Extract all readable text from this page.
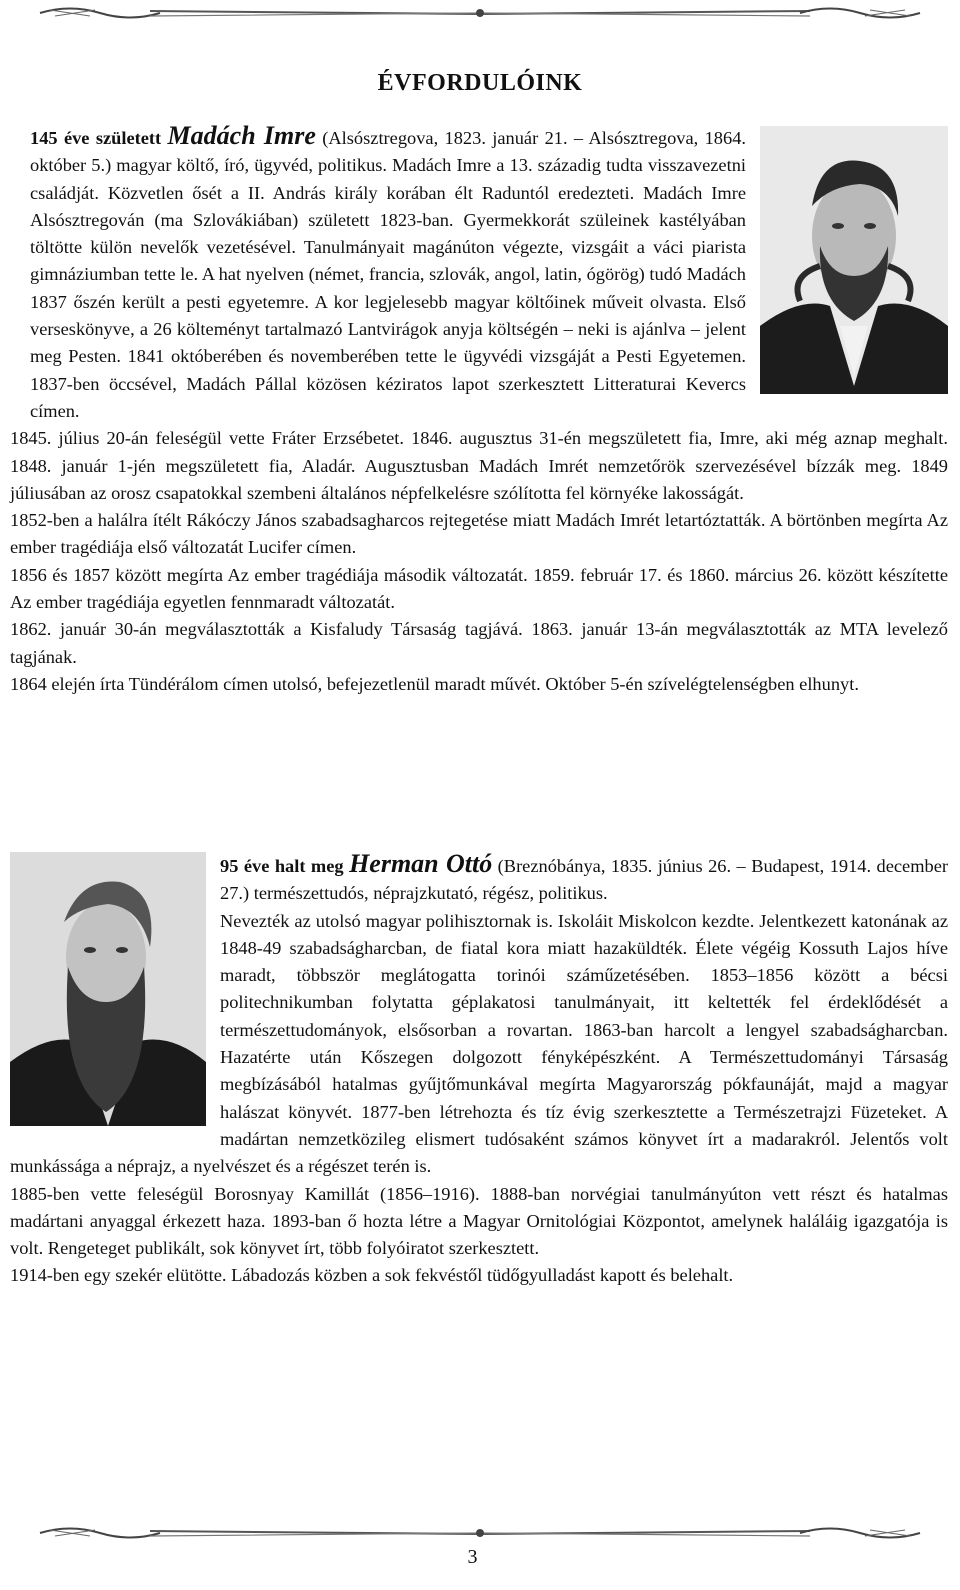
ÉVFORDULÓINK

145 éve született Madách Imre (Alsósztregova, 1823. január 21. – Alsósztregova, 1864. október 5.) magyar költő, író, ügyvéd, politikus. Madách Imre a 13. századig tudta visszavezetni családját. Közvetlen ősét a II. András király korában élt Raduntól eredezteti. Madách Imre Alsósztregován (ma Szlovákiában) született 1823-ban. Gyermekkorát szüleinek kastélyában töltötte külön nevelők vezetésével. Tanulmányait magánúton végezte, vizsgáit a váci piarista gimnáziumban tette le. A hat nyelven (német, francia, szlovák, angol, latin, ógörög) tudó Madách 1837 őszén került a pesti egyetemre. A kor legjelesebb magyar költőinek műveit olvasta. Első verseskönyve, a 26 költeményt tartalmazó Lantvirágok anyja költségén – neki is ajánlva – jelent meg Pesten. 1841 októberében és novemberében tette le ügyvédi vizsgáját a Pesti Egyetemen. 1837-ben öccsével, Madách Pállal közösen kéziratos lapot szerkesztett Litteraturai Kevercs címen.

1845. július 20-án feleségül vette Fráter Erzsébetet. 1846. augusztus 31-én megszületett fia, Imre, aki még aznap meghalt. 1848. január 1-jén megszületett fia, Aladár. Augusztusban Madách Imrét nemzetőrök szervezésével bízzák meg. 1849 júliusában az orosz csapatokkal szembeni általános népfelkelésre szólította fel környéke lakosságát.

1852-ben a halálra ítélt Rákóczy János szabadsagharcos rejtegetése miatt Madách Imrét letartóztatták. A börtönben megírta Az ember tragédiája első változatát Lucifer címen.

1856 és 1857 között megírta Az ember tragédiája második változatát. 1859. február 17. és 1860. március 26. között készítette Az ember tragédiája egyetlen fennmaradt változatát.

1862. január 30-án megválasztották a Kisfaludy Társaság tagjává. 1863. január 13-án megválasztották az MTA levelező tagjának.

1864 elején írta Tündérálom címen utolsó, befejezetlenül maradt művét. Október 5-én szívelégtelenségben elhunyt.

95 éve halt meg Herman Ottó (Breznóbánya, 1835. június 26. – Budapest, 1914. december 27.) természettudós, néprajzkutató, régész, politikus.

Nevezték az utolsó magyar polihisztornak is. Iskoláit Miskolcon kezdte. Jelentkezett katonának az 1848-49 szabadságharcban, de fiatal kora miatt hazaküldték. Élete végéig Kossuth Lajos híve maradt, többször meglátogatta torinói száműzetésében. 1853–1856 között a bécsi politechnikumban folytatta géplakatosi tanulmányait, itt keltették fel érdeklődését a természettudományok, elsősorban a rovartan. 1863-ban harcolt a lengyel szabadságharcban. Hazatérte után Kőszegen dolgozott fényképészként. A Természettudományi Társaság megbízásából hatalmas gyűjtőmunkával megírta Magyarország pókfaunáját, majd a magyar halászat könyvét. 1877-ben létrehozta és tíz évig szerkesztette a Természetrajzi Füzeteket. A madártan nemzetközileg elismert tudósaként számos könyvet írt a madarakról. Jelentős volt munkássága a néprajz, a nyelvészet és a régészet terén is.

1885-ben vette feleségül Borosnyay Kamillát (1856–1916). 1888-ban norvégiai tanulmányúton vett részt és hatalmas madártani anyaggal érkezett haza. 1893-ban ő hozta létre a Magyar Ornitológiai Központot, amelynek haláláig igazgatója is volt. Rengeteget publikált, sok könyvet írt, több folyóiratot szerkesztett.

1914-ben egy szekér elütötte. Lábadozás közben a sok fekvéstől tüdőgyulladást kapott és belehalt.

3
